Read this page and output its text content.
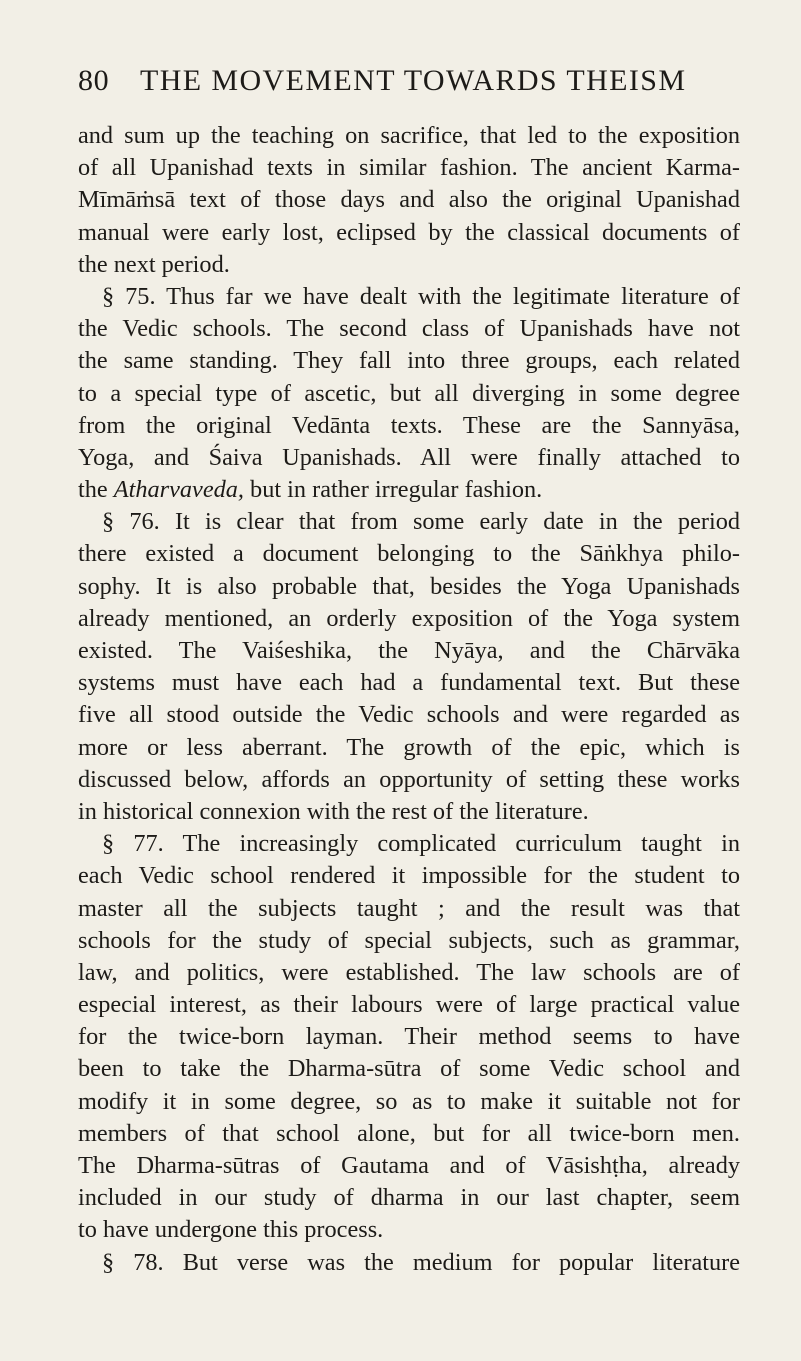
80	THE MOVEMENT TOWARDS THEISM
and sum up the teaching on sacrifice, that led to the exposition
of all Upanishad texts in similar fashion. The ancient Karma-
Mīmāṁsā text of those days and also the original Upanishad
manual were early lost, eclipsed by the classical documents of
the next period.
§ 75. Thus far we have dealt with the legitimate literature of
the Vedic schools. The second class of Upanishads have not
the same standing. They fall into three groups, each related
to a special type of ascetic, but all diverging in some degree
from the original Vedānta texts. These are the Sannyāsa,
Yoga, and Śaiva Upanishads. All were finally attached to
the Atharvaveda, but in rather irregular fashion.
§ 76. It is clear that from some early date in the period
there existed a document belonging to the Sāṅkhya philo-
sophy. It is also probable that, besides the Yoga Upanishads
already mentioned, an orderly exposition of the Yoga system
existed. The Vaiśeshika, the Nyāya, and the Chārvāka
systems must have each had a fundamental text. But these
five all stood outside the Vedic schools and were regarded as
more or less aberrant. The growth of the epic, which is
discussed below, affords an opportunity of setting these works
in historical connexion with the rest of the literature.
§ 77. The increasingly complicated curriculum taught in
each Vedic school rendered it impossible for the student to
master all the subjects taught ; and the result was that
schools for the study of special subjects, such as grammar,
law, and politics, were established. The law schools are of
especial interest, as their labours were of large practical value
for the twice-born layman. Their method seems to have
been to take the Dharma-sūtra of some Vedic school and
modify it in some degree, so as to make it suitable not for
members of that school alone, but for all twice-born men.
The Dharma-sūtras of Gautama and of Vāsishṭha, already
included in our study of dharma in our last chapter, seem
to have undergone this process.
§ 78. But verse was the medium for popular literature
